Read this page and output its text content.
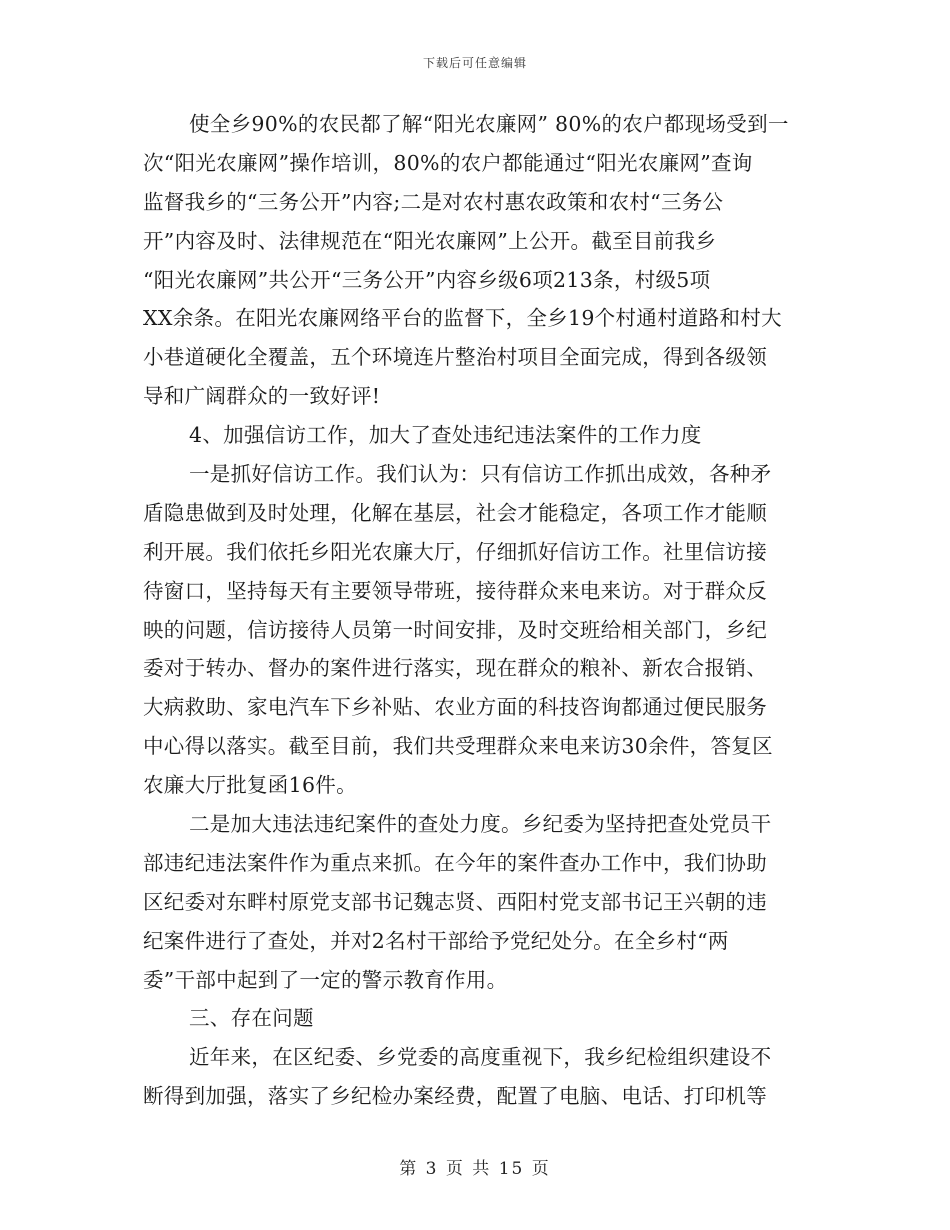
下载后可任意编辑
使全乡90%的农民都了解“阳光农廉网” 80%的农户都现场受到一
次“阳光农廉网”操作培训，80%的农户都能通过“阳光农廉网”查询
监督我乡的“三务公开”内容;二是对农村惠农政策和农村“三务公
开”内容及时、法律规范在“阳光农廉网”上公开。截至目前我乡
“阳光农廉网”共公开“三务公开”内容乡级6项213条，村级5项
XX余条。在阳光农廉网络平台的监督下，全乡19个村通村道路和村大
小巷道硬化全覆盖，五个环境连片整治村项目全面完成，得到各级领
导和广阔群众的一致好评!
4、加强信访工作，加大了查处违纪违法案件的工作力度
一是抓好信访工作。我们认为：只有信访工作抓出成效，各种矛
盾隐患做到及时处理，化解在基层，社会才能稳定，各项工作才能顺
利开展。我们依托乡阳光农廉大厅，仔细抓好信访工作。社里信访接
待窗口，坚持每天有主要领导带班，接待群众来电来访。对于群众反
映的问题，信访接待人员第一时间安排，及时交班给相关部门，乡纪
委对于转办、督办的案件进行落实，现在群众的粮补、新农合报销、
大病救助、家电汽车下乡补贴、农业方面的科技咨询都通过便民服务
中心得以落实。截至目前，我们共受理群众来电来访30余件，答复区
农廉大厅批复函16件。
二是加大违法违纪案件的查处力度。乡纪委为坚持把查处党员干
部违纪违法案件作为重点来抓。在今年的案件查办工作中，我们协助
区纪委对东畔村原党支部书记魏志贤、西阳村党支部书记王兴朝的违
纪案件进行了查处，并对2名村干部给予党纪处分。在全乡村“两
委”干部中起到了一定的警示教育作用。
三、存在问题
近年来，在区纪委、乡党委的高度重视下，我乡纪检组织建设不
断得到加强，落实了乡纪检办案经费，配置了电脑、电话、打印机等
第 3 页 共 15 页
